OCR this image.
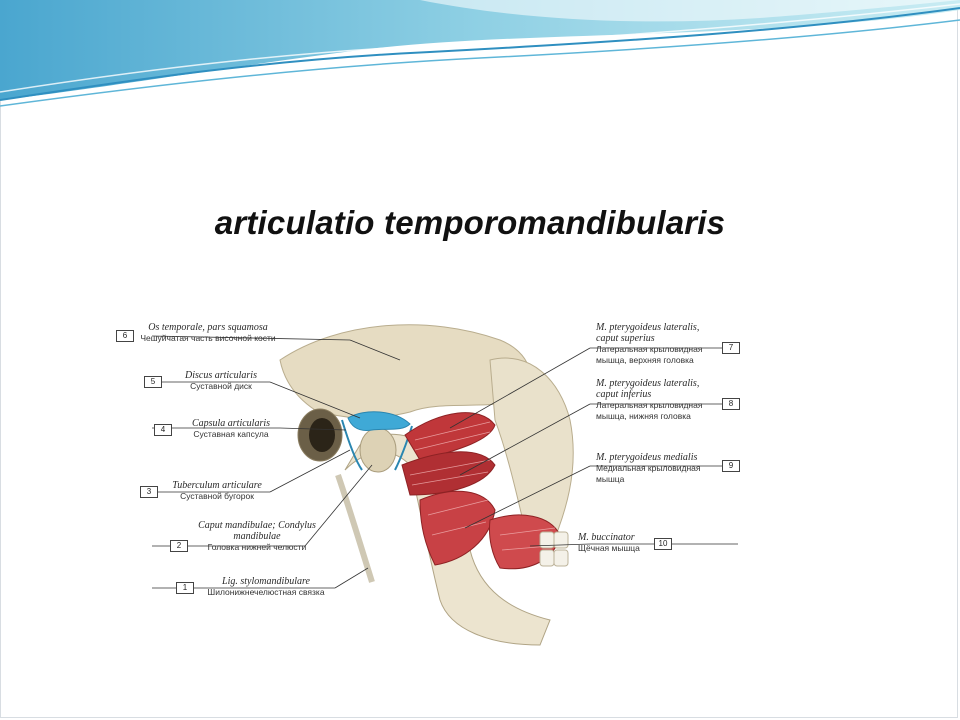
articulatio temporomandibularis
6
Os temporale, pars squamosa
Чешуйчатая часть височной кости
5
Discus articularis
Суставной диск
4
Capsula articularis
Суставная капсула
3
Tuberculum articulare
Суставной бугорок
2
Caput mandibulae; Condylus mandibulae
Головка нижней челюсти
1
Lig. stylomandibulare
Шилонижнечелюстная связка
M. pterygoideus lateralis, caput superius
Латеральная крыловидная мышца, верхняя головка
7
M. pterygoideus lateralis, caput inferius
Латеральная крыловидная мышца, нижняя головка
8
M. pterygoideus medialis
Медиальная крыловидная мышца
9
M. buccinator
Щёчная мышца	10
